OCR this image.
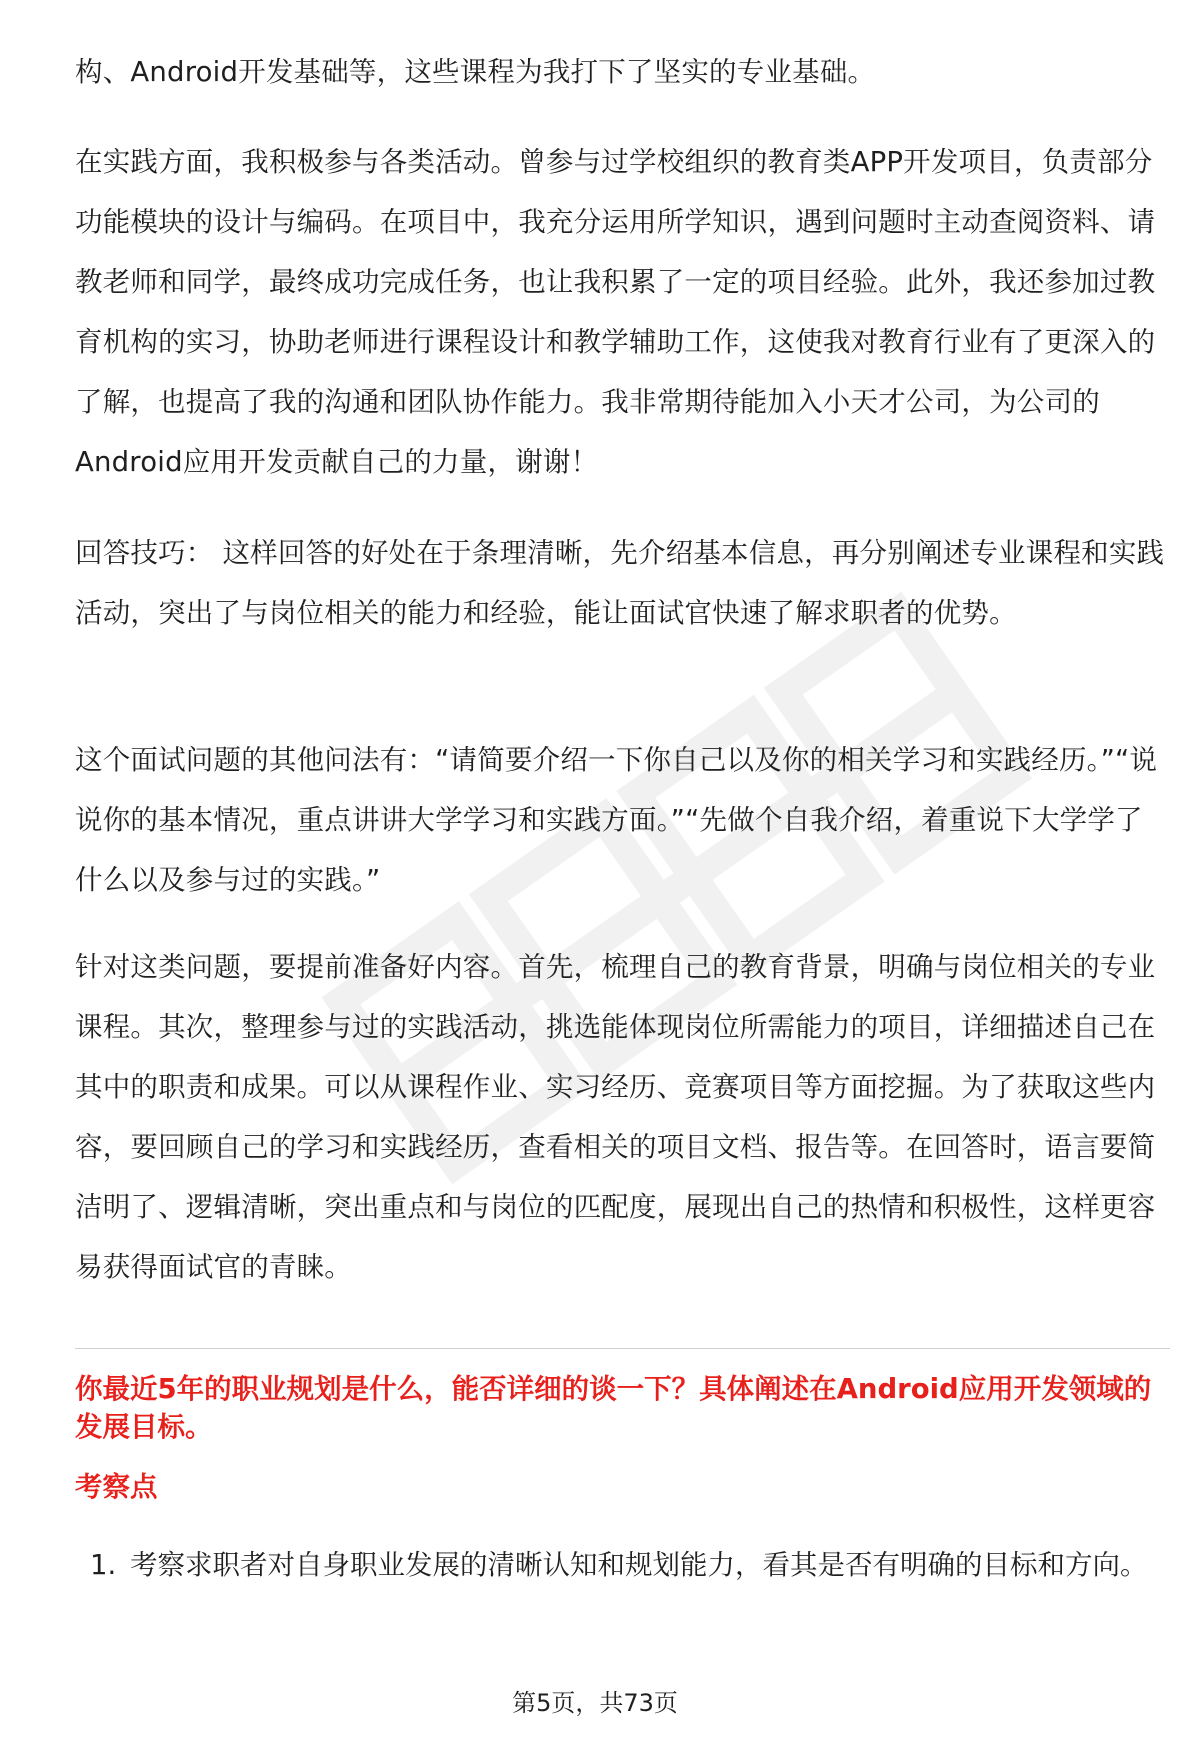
构、Android开发基础等，这些课程为我打下了坚实的专业基础。

在实践方面，我积极参与各类活动。曾参与过学校组织的教育类APP开发项目，负责部分功能模块的设计与编码。在项目中，我充分运用所学知识，遇到问题时主动查阅资料、请教老师和同学，最终成功完成任务，也让我积累了一定的项目经验。此外，我还参加过教育机构的实习，协助老师进行课程设计和教学辅助工作，这使我对教育行业有了更深入的了解，也提高了我的沟通和团队协作能力。我非常期待能加入小天才公司，为公司的Android应用开发贡献自己的力量，谢谢！

回答技巧： 这样回答的好处在于条理清晰，先介绍基本信息，再分别阐述专业课程和实践活动，突出了与岗位相关的能力和经验，能让面试官快速了解求职者的优势。

这个面试问题的其他问法有：“请简要介绍一下你自己以及你的相关学习和实践经历。”“说说你的基本情况，重点讲讲大学学习和实践方面。”“先做个自我介绍，着重说下大学学了什么以及参与过的实践。”

针对这类问题，要提前准备好内容。首先，梳理自己的教育背景，明确与岗位相关的专业课程。其次，整理参与过的实践活动，挑选能体现岗位所需能力的项目，详细描述自己在其中的职责和成果。可以从课程作业、实习经历、竞赛项目等方面挖掘。为了获取这些内容，要回顾自己的学习和实践经历，查看相关的项目文档、报告等。在回答时，语言要简洁明了、逻辑清晰，突出重点和与岗位的匹配度，展现出自己的热情和积极性，这样更容易获得面试官的青睐。

你最近5年的职业规划是什么，能否详细的谈一下？具体阐述在Android应用开发领域的发展目标。
考察点
1. 考察求职者对自身职业发展的清晰认知和规划能力，看其是否有明确的目标和方向。
第5页，共73页
